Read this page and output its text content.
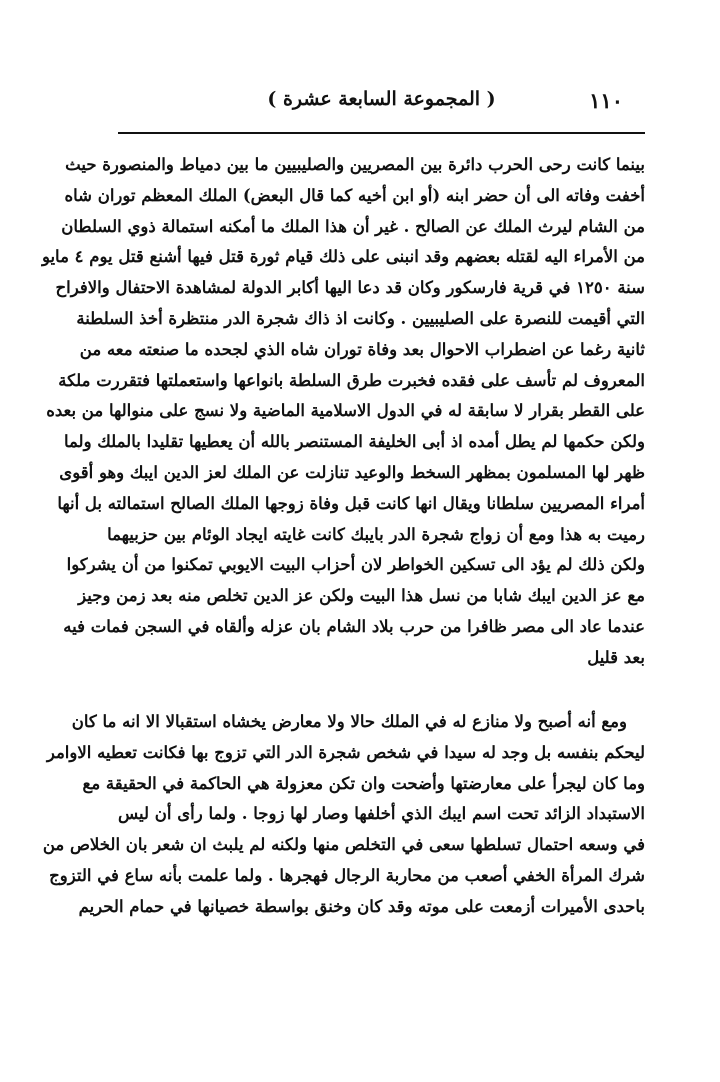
١١٠
( المجموعة السابعة عشرة )
بينما كانت رحى الحرب دائرة بين المصريين والصليبيين ما بين دمياط والمنصورة حيث
أخفت وفاته الى أن حضر ابنه (أو ابن أخيه كما قال البعض) الملك المعظم توران شاه
من الشام ليرث الملك عن الصالح . غير أن هذا الملك ما أمكنه استمالة ذوي السلطان
من الأمراء اليه لقتله بعضهم وقد انبنى على ذلك قيام ثورة قتل فيها أشنع قتل يوم ٤ مايو
سنة ١٢٥٠ في قرية فارسكور وكان قد دعا اليها أكابر الدولة لمشاهدة الاحتفال والافراح
التي أقيمت للنصرة على الصليبيين . وكانت اذ ذاك شجرة الدر منتظرة أخذ السلطنة
ثانية رغما عن اضطراب الاحوال بعد وفاة توران شاه الذي لجحده ما صنعته معه من
المعروف لم تأسف على فقده فخبرت طرق السلطة بانواعها واستعملتها فتقررت ملكة
على القطر بقرار لا سابقة له في الدول الاسلامية الماضية ولا نسج على منوالها من بعده
ولكن حكمها لم يطل أمده اذ أبى الخليفة المستنصر بالله أن يعطيها تقليدا بالملك ولما
ظهر لها المسلمون بمظهر السخط والوعيد تنازلت عن الملك لعز الدين ايبك وهو أقوى
أمراء المصريين سلطانا ويقال انها كانت قبل وفاة زوجها الملك الصالح استمالته بل أنها
رميت به هذا ومع أن زواج شجرة الدر بايبك كانت غايته ايجاد الوئام بين حزبيهما
ولكن ذلك لم يؤد الى تسكين الخواطر لان أحزاب البيت الايوبي تمكنوا من أن يشركوا
مع عز الدين ايبك شابا من نسل هذا البيت ولكن عز الدين تخلص منه بعد زمن وجيز
عندما عاد الى مصر ظافرا من حرب بلاد الشام بان عزله وألقاه في السجن فمات فيه
بعد قليل
ومع أنه أصبح ولا منازع له في الملك حالا ولا معارض يخشاه استقبالا الا انه ما كان
ليحكم بنفسه بل وجد له سيدا في شخص شجرة الدر التي تزوج بها فكانت تعطيه الاوامر
وما كان ليجرأ على معارضتها وأضحت وان تكن معزولة هي الحاكمة في الحقيقة مع
الاستبداد الزائد تحت اسم ايبك الذي أخلفها وصار لها زوجا . ولما رأى أن ليس
في وسعه احتمال تسلطها سعى في التخلص منها ولكنه لم يلبث ان شعر بان الخلاص من
شرك المرأة الخفي أصعب من محاربة الرجال فهجرها . ولما علمت بأنه ساع في التزوج
باحدى الأميرات أزمعت على موته وقد كان وخنق بواسطة خصيانها في حمام الحريم
